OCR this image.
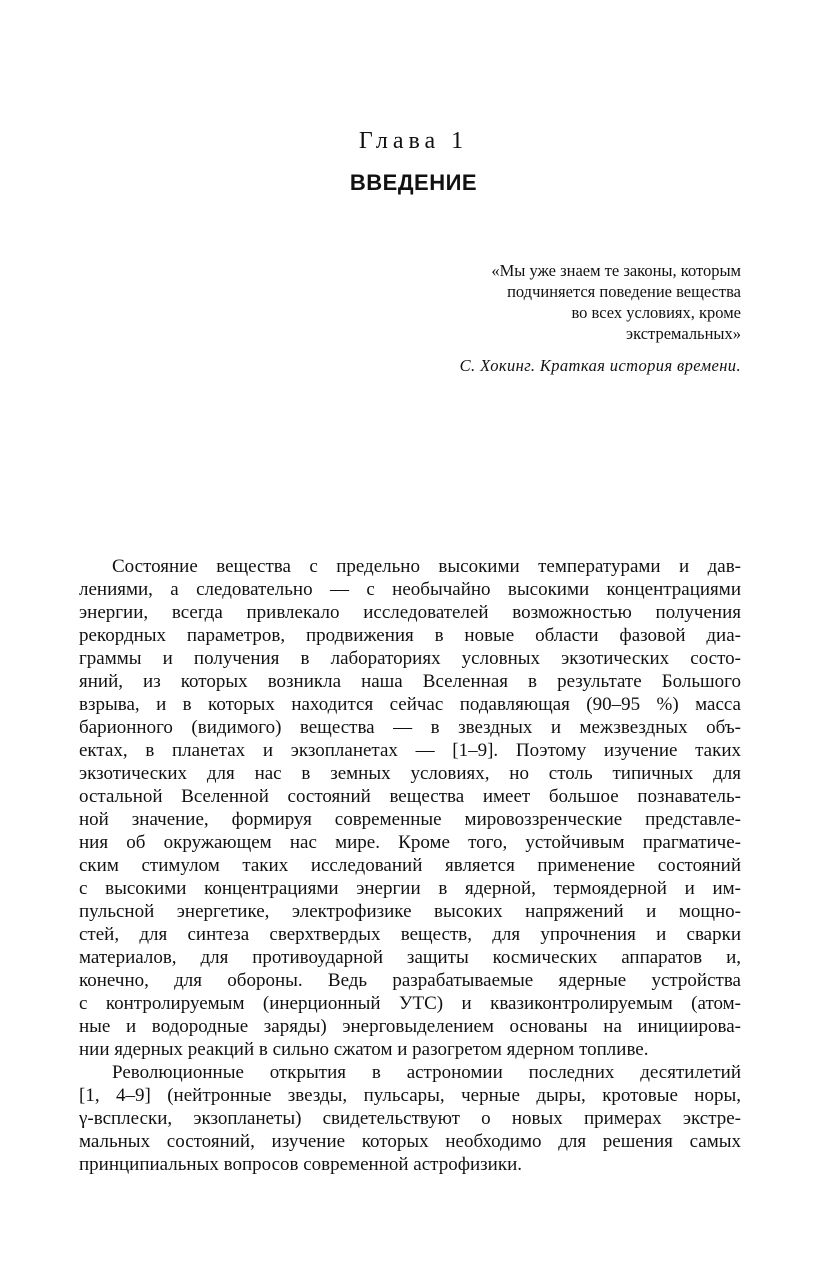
Глава 1
ВВЕДЕНИЕ

«Мы уже знаем те законы, которым
подчиняется поведение вещества
во всех условиях, кроме
экстремальных»

С. Хокинг. Краткая история времени.

Состояние вещества с предельно высокими температурами и дав-
лениями, а следовательно — с необычайно высокими концентрациями
энергии, всегда привлекало исследователей возможностью получения
рекордных параметров, продвижения в новые области фазовой диа-
граммы и получения в лабораториях условных экзотических состо-
яний, из которых возникла наша Вселенная в результате Большого
взрыва, и в которых находится сейчас подавляющая (90–95 %) масса
барионного (видимого) вещества — в звездных и межзвездных объ-
ектах, в планетах и экзопланетах — [1–9]. Поэтому изучение таких
экзотических для нас в земных условиях, но столь типичных для
остальной Вселенной состояний вещества имеет большое познаватель-
ной значение, формируя современные мировоззренческие представле-
ния об окружающем нас мире. Кроме того, устойчивым прагматиче-
ским стимулом таких исследований является применение состояний
с высокими концентрациями энергии в ядерной, термоядерной и им-
пульсной энергетике, электрофизике высоких напряжений и мощно-
стей, для синтеза сверхтвердых веществ, для упрочнения и сварки
материалов, для противоударной защиты космических аппаратов и,
конечно, для обороны. Ведь разрабатываемые ядерные устройства
с контролируемым (инерционный УТС) и квазиконтролируемым (атом-
ные и водородные заряды) энерговыделением основаны на инициирова-
нии ядерных реакций в сильно сжатом и разогретом ядерном топливе.

Революционные открытия в астрономии последних десятилетий
[1, 4–9] (нейтронные звезды, пульсары, черные дыры, кротовые норы,
γ-всплески, экзопланеты) свидетельствуют о новых примерах экстре-
мальных состояний, изучение которых необходимо для решения самых
принципиальных вопросов современной астрофизики.
